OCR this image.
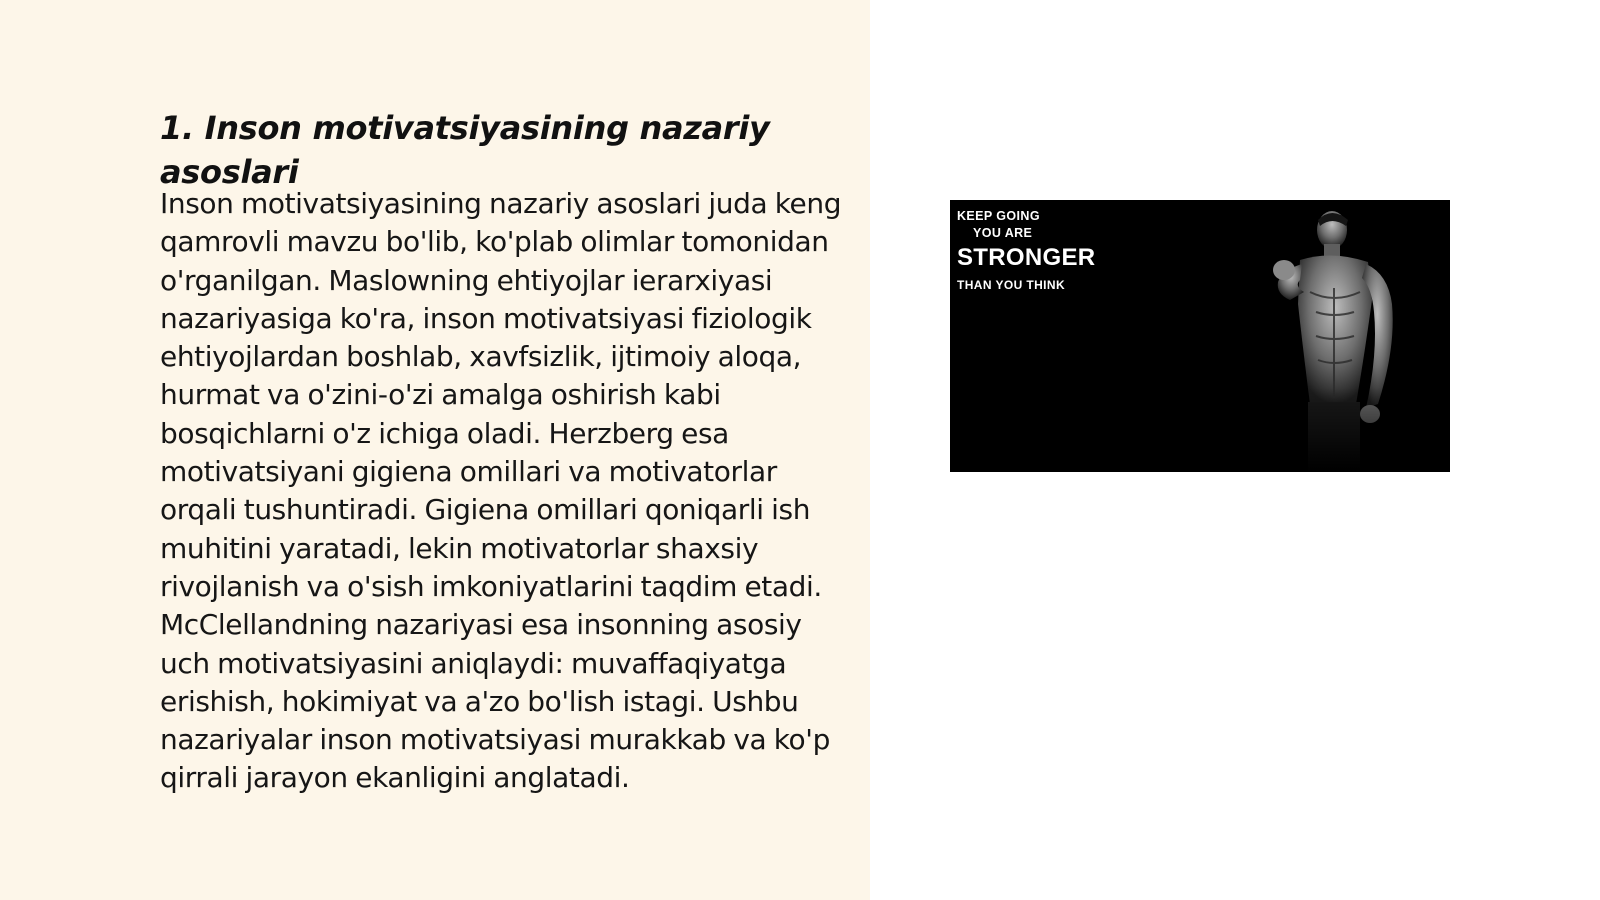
1. Inson motivatsiyasining nazariy asoslari

Inson motivatsiyasining nazariy asoslari juda keng qamrovli mavzu bo'lib, ko'plab olimlar tomonidan o'rganilgan. Maslowning ehtiyojlar ierarxiyasi nazariyasiga ko'ra, inson motivatsiyasi fiziologik ehtiyojlardan boshlab, xavfsizlik, ijtimoiy aloqa, hurmat va o'zini-o'zi amalga oshirish kabi bosqichlarni o'z ichiga oladi. Herzberg esa motivatsiyani gigiena omillari va motivatorlar orqali tushuntiradi. Gigiena omillari qoniqarli ish muhitini yaratadi, lekin motivatorlar shaxsiy rivojlanish va o'sish imkoniyatlarini taqdim etadi. McClellandning nazariyasi esa insonning asosiy uch motivatsiyasini aniqlaydi: muvaffaqiyatga erishish, hokimiyat va a'zo bo'lish istagi. Ushbu nazariyalar inson motivatsiyasi murakkab va ko'p qirrali jarayon ekanligini anglatadi.

KEEP GOING
YOU ARE
STRONGER
THAN YOU THINK
